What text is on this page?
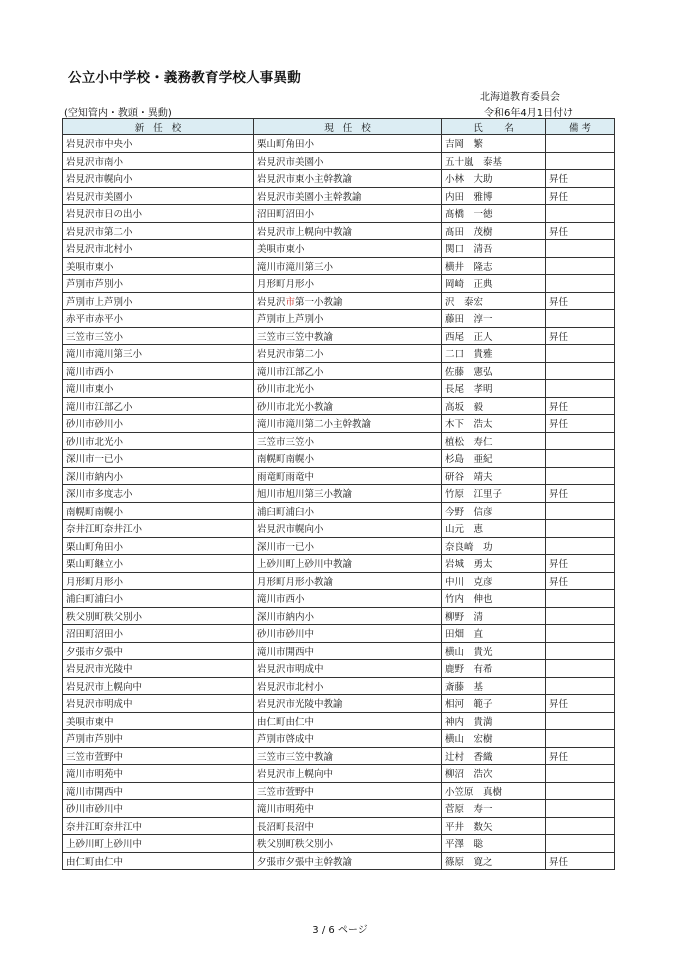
公立小中学校・義務教育学校人事異動
北海道教育委員会
(空知管内・教頭・異動)	令和6年4月1日付け
新 任 校	現 任 校	氏　 名	備考
岩見沢市中央小	栗山町角田小	吉岡　繁	
岩見沢市南小	岩見沢市美園小	五十嵐　泰基	
岩見沢市幌向小	岩見沢市東小主幹教諭	小林　大助	昇任
岩見沢市美園小	岩見沢市美園小主幹教諭	内田　雅博	昇任
岩見沢市日の出小	沼田町沼田小	髙橋　一徳	
岩見沢市第二小	岩見沢市上幌向中教諭	髙田　茂樹	昇任
岩見沢市北村小	美唄市東小	関口　清吾	
美唄市東小	滝川市滝川第三小	横井　隆志	
芦別市芦別小	月形町月形小	岡崎　正典	
芦別市上芦別小	岩見沢市第一小教諭	沢　泰宏	昇任
赤平市赤平小	芦別市上芦別小	藤田　淳一	
三笠市三笠小	三笠市三笠中教諭	西尾　正人	昇任
滝川市滝川第三小	岩見沢市第二小	二口　貴雅	
滝川市西小	滝川市江部乙小	佐藤　憲弘	
滝川市東小	砂川市北光小	長尾　孝明	
滝川市江部乙小	砂川市北光小教諭	高坂　毅	昇任
砂川市砂川小	滝川市滝川第二小主幹教諭	木下　浩太	昇任
砂川市北光小	三笠市三笠小	植松　寿仁	
深川市一已小	南幌町南幌小	杉島　亜紀	
深川市納内小	雨竜町雨竜中	研谷　靖夫	
深川市多度志小	旭川市旭川第三小教諭	竹原　江里子	昇任
南幌町南幌小	浦臼町浦臼小	今野　信彦	
奈井江町奈井江小	岩見沢市幌向小	山元　恵	
栗山町角田小	深川市一已小	奈良崎　功	
栗山町継立小	上砂川町上砂川中教諭	岩城　勇太	昇任
月形町月形小	月形町月形小教諭	中川　克彦	昇任
浦臼町浦臼小	滝川市西小	竹内　伸也	
秩父別町秩父別小	深川市納内小	柳野　清	
沼田町沼田小	砂川市砂川中	田畑　直	
夕張市夕張中	滝川市開西中	横山　貴光	
岩見沢市光陵中	岩見沢市明成中	鹿野　有希	
岩見沢市上幌向中	岩見沢市北村小	斎藤　基	
岩見沢市明成中	岩見沢市光陵中教諭	相河　範子	昇任
美唄市東中	由仁町由仁中	神内　貴満	
芦別市芦別中	芦別市啓成中	横山　宏樹	
三笠市萱野中	三笠市三笠中教諭	辻村　香織	昇任
滝川市明苑中	岩見沢市上幌向中	柳沼　浩次	
滝川市開西中	三笠市萱野中	小笠原　真樹	
砂川市砂川中	滝川市明苑中	菅原　寿一	
奈井江町奈井江中	長沼町長沼中	平井　数矢	
上砂川町上砂川中	秩父別町秩父別小	平澤　聡	
由仁町由仁中	夕張市夕張中主幹教諭	篠原　寛之	昇任
3 / 6 ページ
